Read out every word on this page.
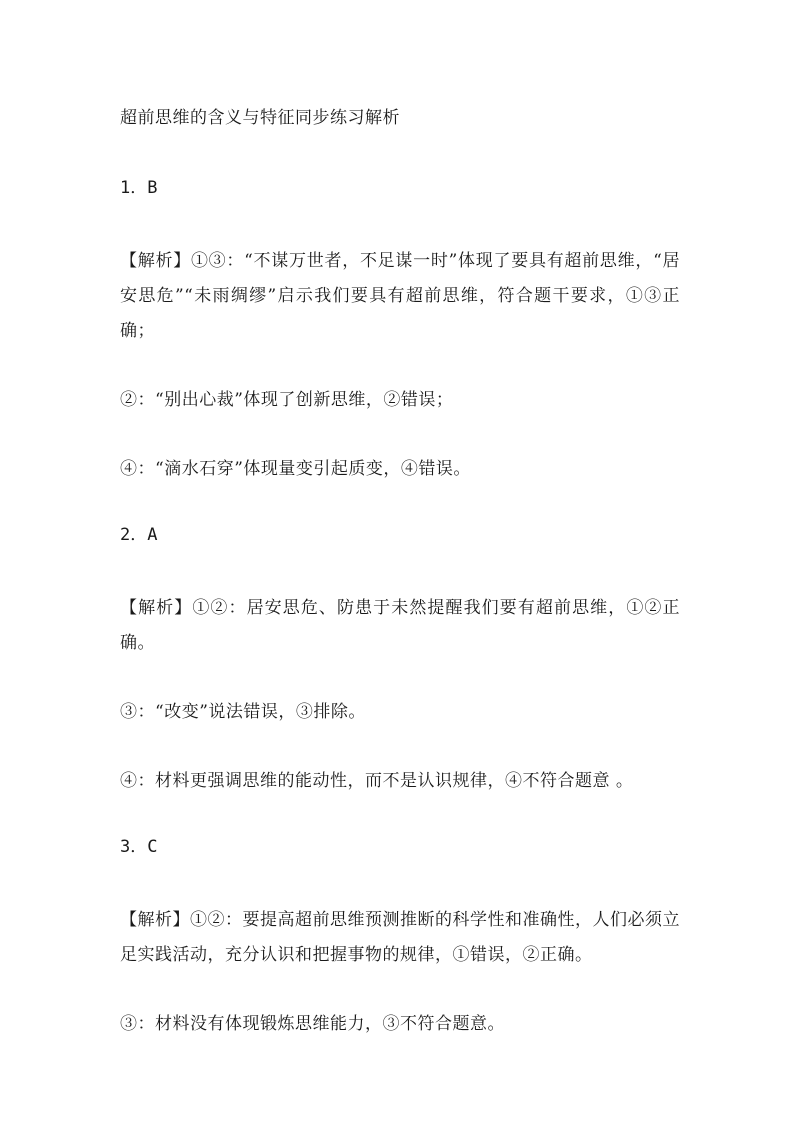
超前思维的含义与特征同步练习解析
1．B
【解析】①③：“不谋万世者，不足谋一时”体现了要具有超前思维，“居安思危”“未雨绸缪”启示我们要具有超前思维，符合题干要求，①③正确；
②：“别出心裁”体现了创新思维，②错误；
④：“滴水石穿”体现量变引起质变，④错误。
2．A
【解析】①②：居安思危、防患于未然提醒我们要有超前思维，①②正确。
③：“改变”说法错误，③排除。
④：材料更强调思维的能动性，而不是认识规律，④不符合题意 。
3．C
【解析】①②：要提高超前思维预测推断的科学性和准确性，人们必须立足实践活动，充分认识和把握事物的规律，①错误，②正确。
③：材料没有体现锻炼思维能力，③不符合题意。
